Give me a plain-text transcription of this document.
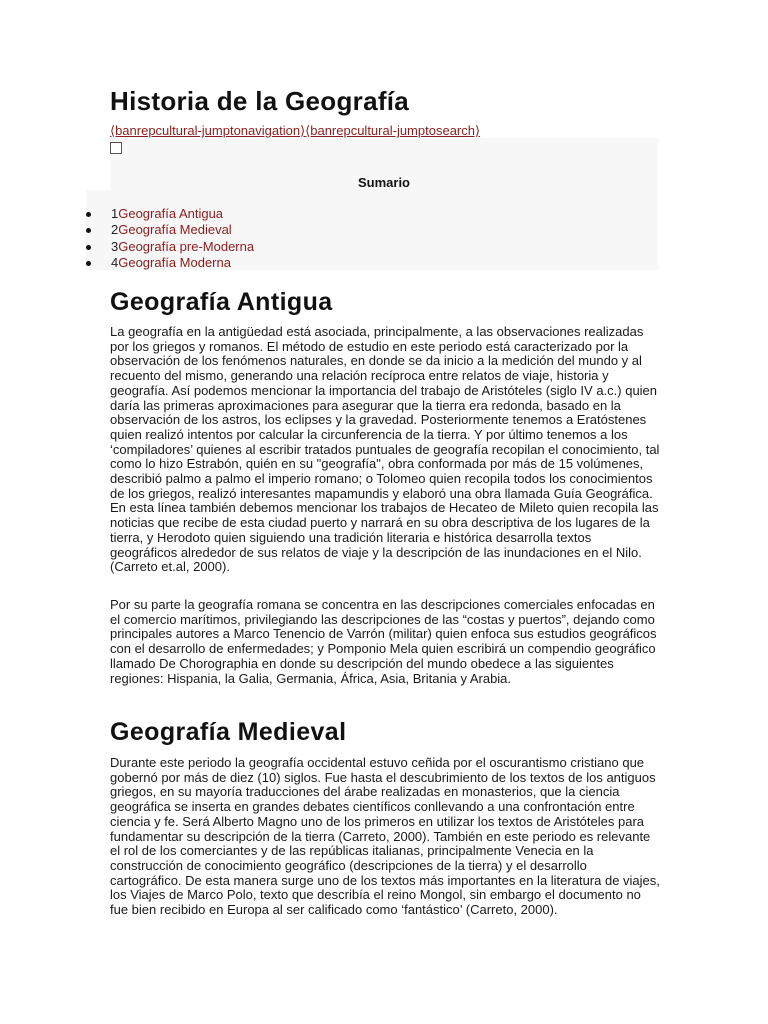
Historia de la Geografía
⟨banrepcultural-jumptonavigation⟩⟨banrepcultural-jumptosearch⟩
Sumario
1Geografía Antigua
2Geografía Medieval
3Geografía pre-Moderna
4Geografía Moderna
Geografía Antigua

La geografía en la antigüedad está asociada, principalmente, a las observaciones realizadas por los griegos y romanos. El método de estudio en este periodo está caracterizado por la observación de los fenómenos naturales, en donde se da inicio a la medición del mundo y al recuento del mismo, generando una relación recíproca entre relatos de viaje, historia y geografía. Así podemos mencionar la importancia del trabajo de Aristóteles (siglo IV a.c.) quien daría las primeras aproximaciones para asegurar que la tierra era redonda, basado en la observación de los astros, los eclipses y la gravedad. Posteriormente tenemos a Eratóstenes quien realizó intentos por calcular la circunferencia de la tierra. Y por último tenemos a los ‘compiladores’ quienes al escribir tratados puntuales de geografía recopilan el conocimiento, tal como lo hizo Estrabón, quién en su "geografía", obra conformada por más de 15 volúmenes, describió palmo a palmo el imperio romano; o Tolomeo quien recopila todos los conocimientos de los griegos, realizó interesantes mapamundis y elaboró una obra llamada Guía Geográfica. En esta línea también debemos mencionar los trabajos de Hecateo de Mileto quien recopila las noticias que recibe de esta ciudad puerto y narrará en su obra descriptiva de los lugares de la tierra, y Herodoto quien siguiendo una tradición literaria e histórica desarrolla textos geográficos alrededor de sus relatos de viaje y la descripción de las inundaciones en el Nilo. (Carreto et.al, 2000).

Por su parte la geografía romana se concentra en las descripciones comerciales enfocadas en el comercio marítimos, privilegiando las descripciones de las “costas y puertos”, dejando como principales autores a Marco Tenencio de Varrón (militar) quien enfoca sus estudios geográficos con el desarrollo de enfermedades; y Pomponio Mela quien escribirá un compendio geográfico llamado De Chorographia en donde su descripción del mundo obedece a las siguientes regiones: Hispania, la Galia, Germania, África, Asia, Britania y Arabia.

Geografía Medieval

Durante este periodo la geografía occidental estuvo ceñida por el oscurantismo cristiano que gobernó por más de diez (10) siglos. Fue hasta el descubrimiento de los textos de los antiguos griegos, en su mayoría traducciones del árabe realizadas en monasterios, que la ciencia geográfica se inserta en grandes debates científicos conllevando a una confrontación entre ciencia y fe. Será Alberto Magno uno de los primeros en utilizar los textos de Aristóteles para fundamentar su descripción de la tierra (Carreto, 2000). También en este periodo es relevante el rol de los comerciantes y de las repúblicas italianas, principalmente Venecia en la construcción de conocimiento geográfico (descripciones de la tierra) y el desarrollo cartográfico. De esta manera surge uno de los textos más importantes en la literatura de viajes, los Viajes de Marco Polo, texto que describía el reino Mongol, sin embargo el documento no fue bien recibido en Europa al ser calificado como ‘fantástico’ (Carreto, 2000).
